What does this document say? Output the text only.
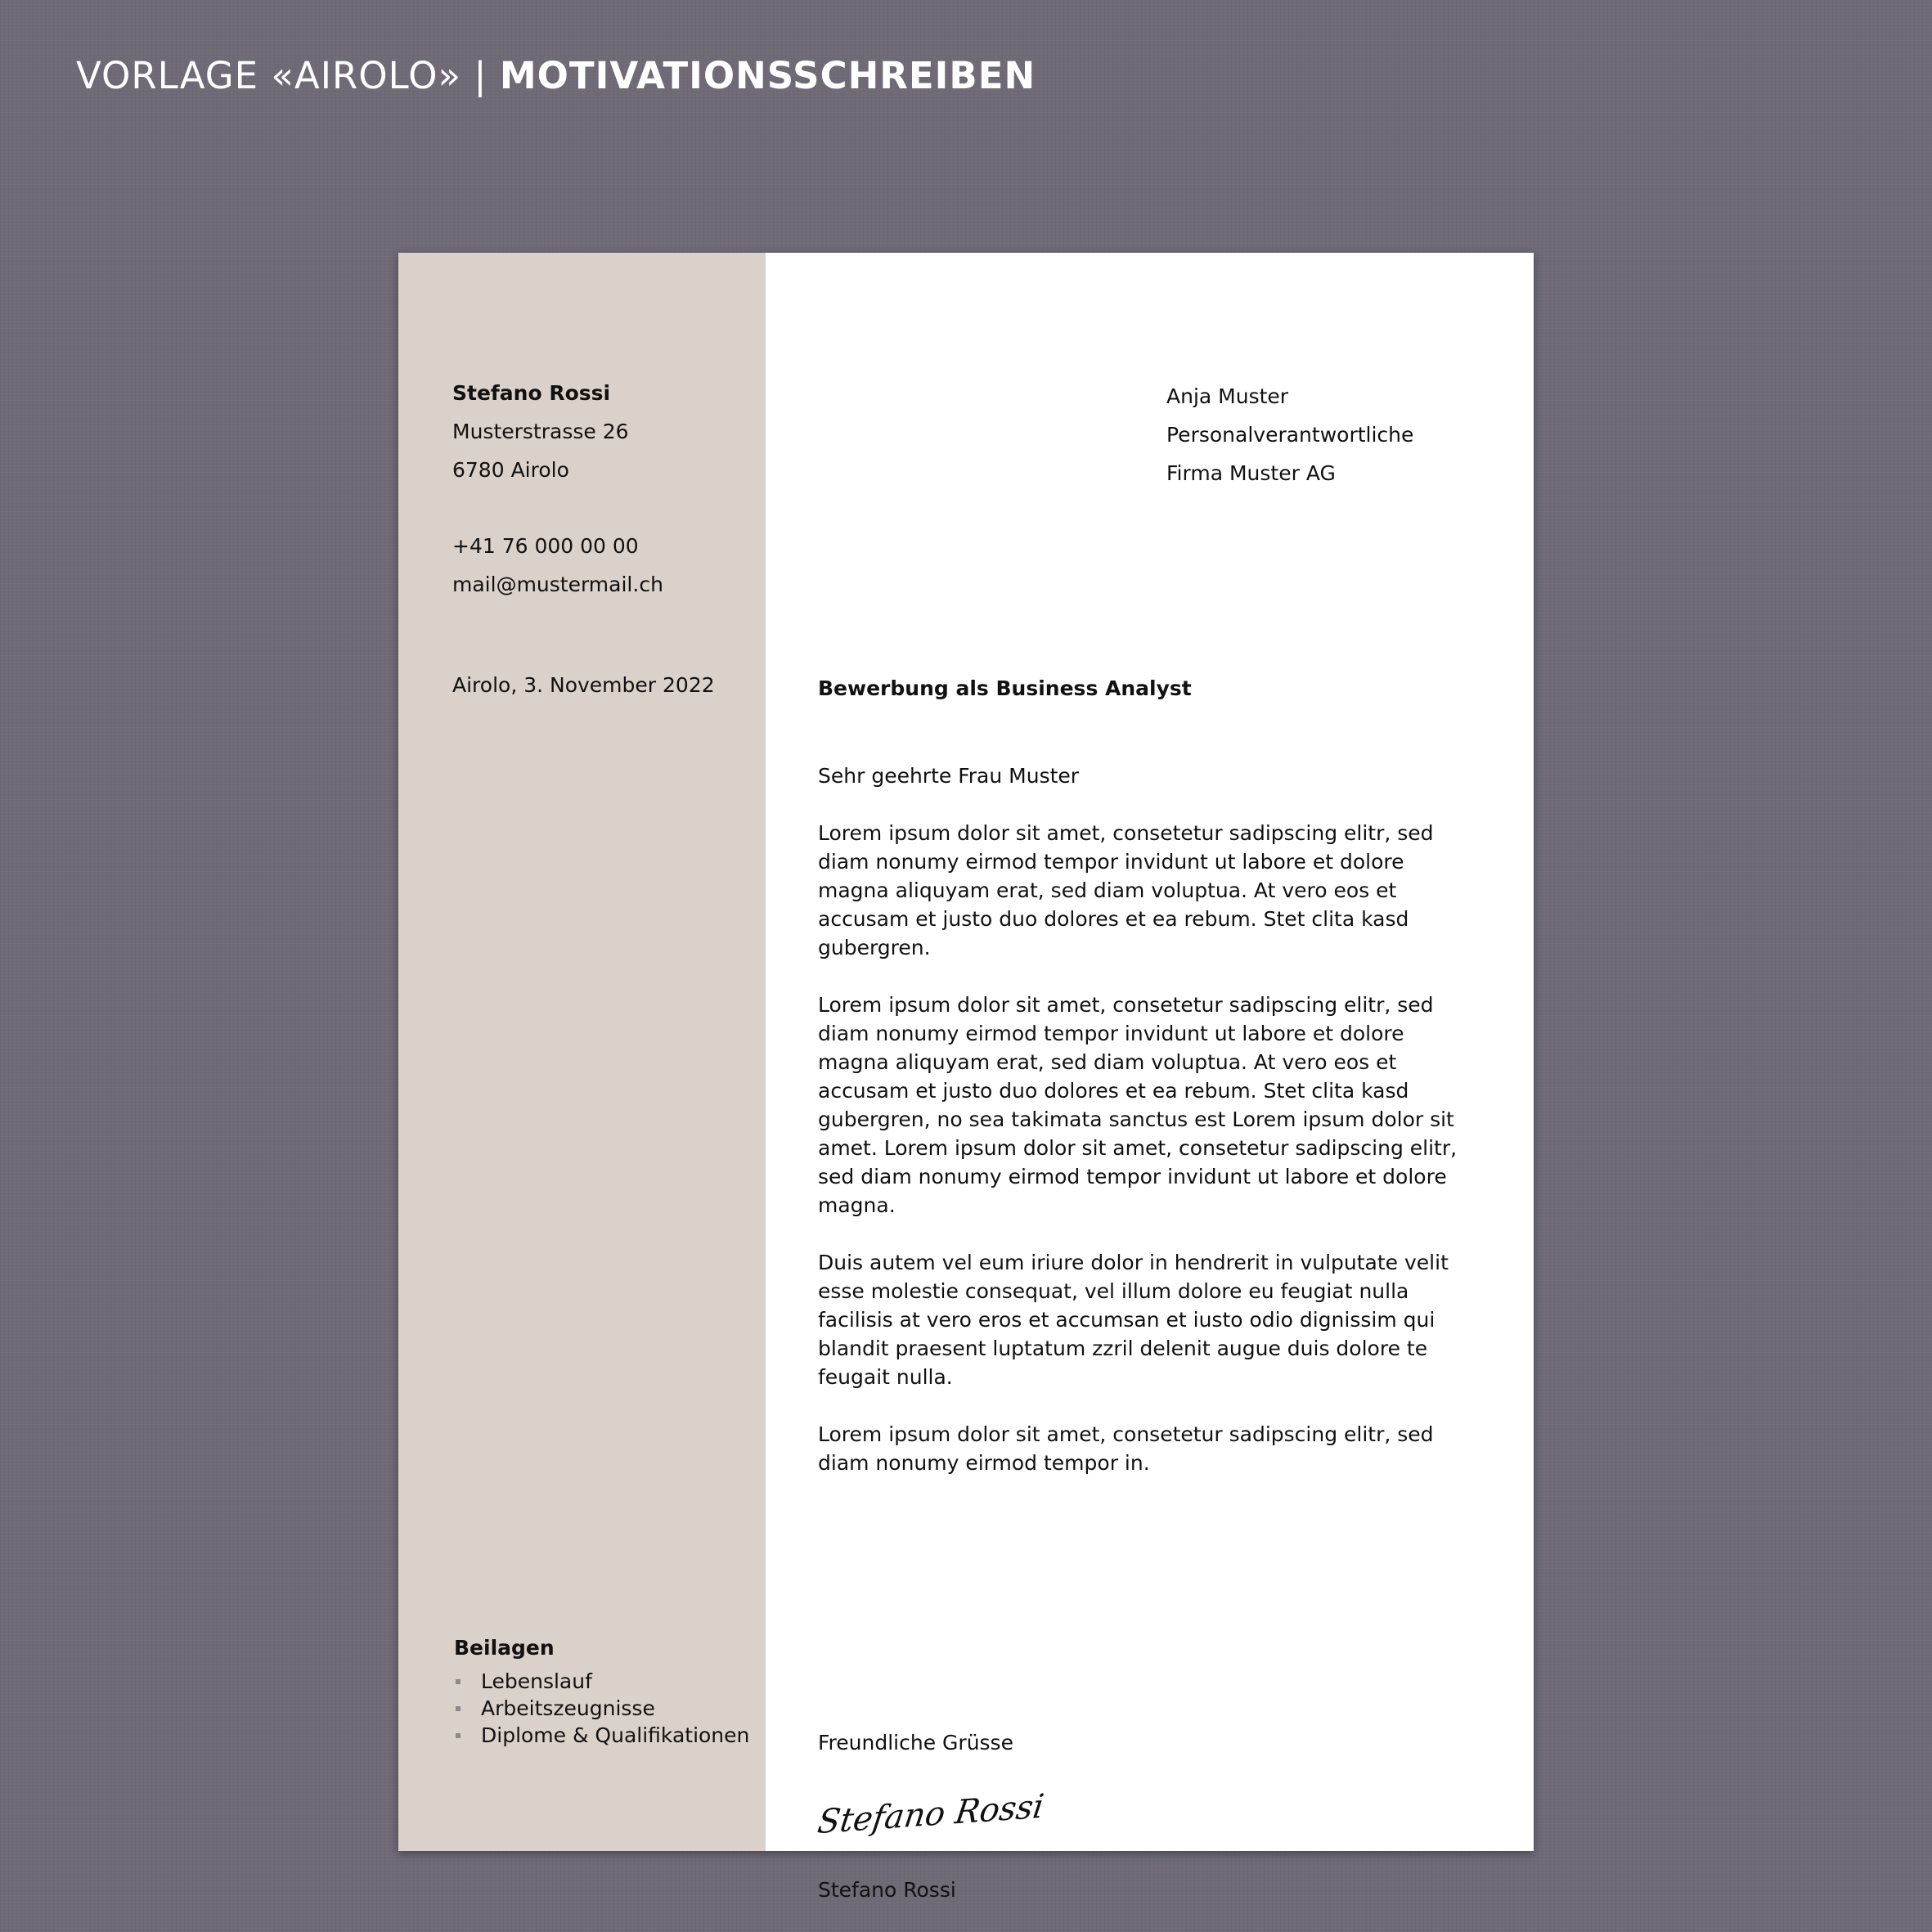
VORLAGE «AIROLO» | MOTIVATIONSSCHREIBEN
Stefano Rossi
Musterstrasse 26
6780 Airolo
+41 76 000 00 00
mail@mustermail.ch
Airolo, 3. November 2022
Beilagen
Lebenslauf
Arbeitszeugnisse
Diplome & Qualifikationen
Anja Muster
Personalverantwortliche
Firma Muster AG
Bewerbung als Business Analyst

Sehr geehrte Frau Muster

Lorem ipsum dolor sit amet, consetetur sadipscing elitr, sed diam nonumy eirmod tempor invidunt ut labore et dolore magna aliquyam erat, sed diam voluptua. At vero eos et accusam et justo duo dolores et ea rebum. Stet clita kasd gubergren.

Lorem ipsum dolor sit amet, consetetur sadipscing elitr, sed diam nonumy eirmod tempor invidunt ut labore et dolore magna aliquyam erat, sed diam voluptua. At vero eos et accusam et justo duo dolores et ea rebum. Stet clita kasd gubergren, no sea takimata sanctus est Lorem ipsum dolor sit amet. Lorem ipsum dolor sit amet, consetetur sadipscing elitr, sed diam nonumy eirmod tempor invidunt ut labore et dolore magna.

Duis autem vel eum iriure dolor in hendrerit in vulputate velit esse molestie consequat, vel illum dolore eu feugiat nulla facilisis at vero eros et accumsan et iusto odio dignissim qui blandit praesent luptatum zzril delenit augue duis dolore te feugait nulla.

Lorem ipsum dolor sit amet, consetetur sadipscing elitr, sed diam nonumy eirmod tempor in.

Freundliche Grüsse
Stefano Rossi
Stefano Rossi
